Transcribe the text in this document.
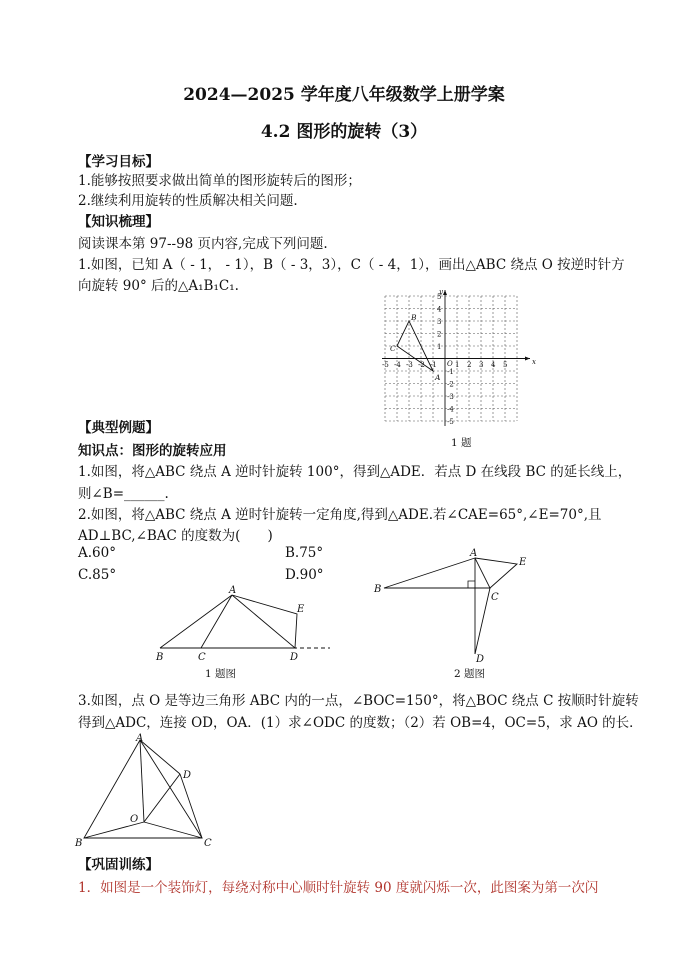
2024—2025 学年度八年级数学上册学案
4.2 图形的旋转（3）
【学习目标】
1.能够按照要求做出简单的图形旋转后的图形；
2.继续利用旋转的性质解决相关问题.
【知识梳理】
阅读课本第 97--98 页内容,完成下列问题.
1.如图，已知 A（ - 1， - 1），B（ - 3，3），C（ - 4，1），画出△ABC 绕点 O 按逆时针方
向旋转 90° 后的△A₁B₁C₁.
x
y
O
-5 -4 -3 -2 -1	1 2 3 4 5
5
4
3
2
1
-1
-2
-3
-4
-5
A
B
C
1 题
【典型例题】
知识点：图形的旋转应用
1.如图，将△ABC 绕点 A 逆时针旋转 100°，得到△ADE．若点 D 在线段 BC 的延长线上，
则∠B=______.
2.如图，将△ABC 绕点 A 逆时针旋转一定角度,得到△ADE.若∠CAE=65°,∠E=70°,且
AD⊥BC,∠BAC 的度数为(　　)
A.60°	B.75°
C.85°	D.90°
A
B	C	D
E
1 题图
A
B
C
D
E
2 题图
3.如图，点 O 是等边三角形 ABC 内的一点，∠BOC=150°，将△BOC 绕点 C 按顺时针旋转
得到△ADC，连接 OD，OA．(1）求∠ODC 的度数；（2）若 OB=4，OC=5，求 AO 的长．
A
B	C
D
O
【巩固训练】
1．如图是一个装饰灯，每绕对称中心顺时针旋转 90 度就闪烁一次，此图案为第一次闪
